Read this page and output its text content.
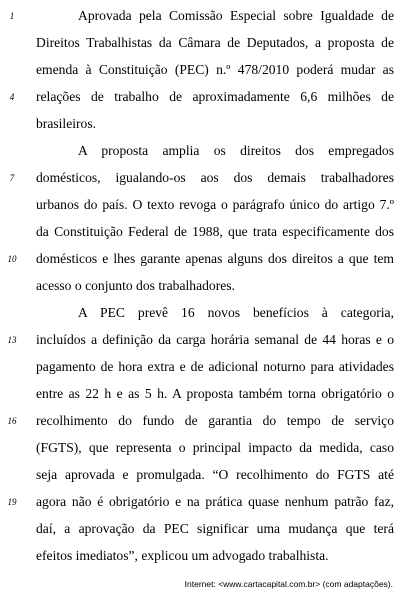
1
4
7
10
13
16
19
Aprovada pela Comissão Especial sobre Igualdade de
Direitos Trabalhistas da Câmara de Deputados, a proposta de
emenda à Constituição (PEC) n.º 478/2010 poderá mudar as
relações de trabalho de aproximadamente 6,6 milhões de
brasileiros.
A proposta amplia os direitos dos empregados
domésticos, igualando-os aos dos demais trabalhadores
urbanos do país. O texto revoga o parágrafo único do artigo 7.º
da Constituição Federal de 1988, que trata especificamente dos
domésticos e lhes garante apenas alguns dos direitos a que tem
acesso o conjunto dos trabalhadores.
A PEC prevê 16 novos benefícios à categoria,
incluídos a definição da carga horária semanal de 44 horas e o
pagamento de hora extra e de adicional noturno para atividades
entre as 22 h e as 5 h. A proposta também torna obrigatório o
recolhimento do fundo de garantia do tempo de serviço
(FGTS), que representa o principal impacto da medida, caso
seja aprovada e promulgada. “O recolhimento do FGTS até
agora não é obrigatório e na prática quase nenhum patrão faz,
daí, a aprovação da PEC significar uma mudança que terá
efeitos imediatos”, explicou um advogado trabalhista.
Internet: <www.cartacapital.com.br> (com adaptações).
